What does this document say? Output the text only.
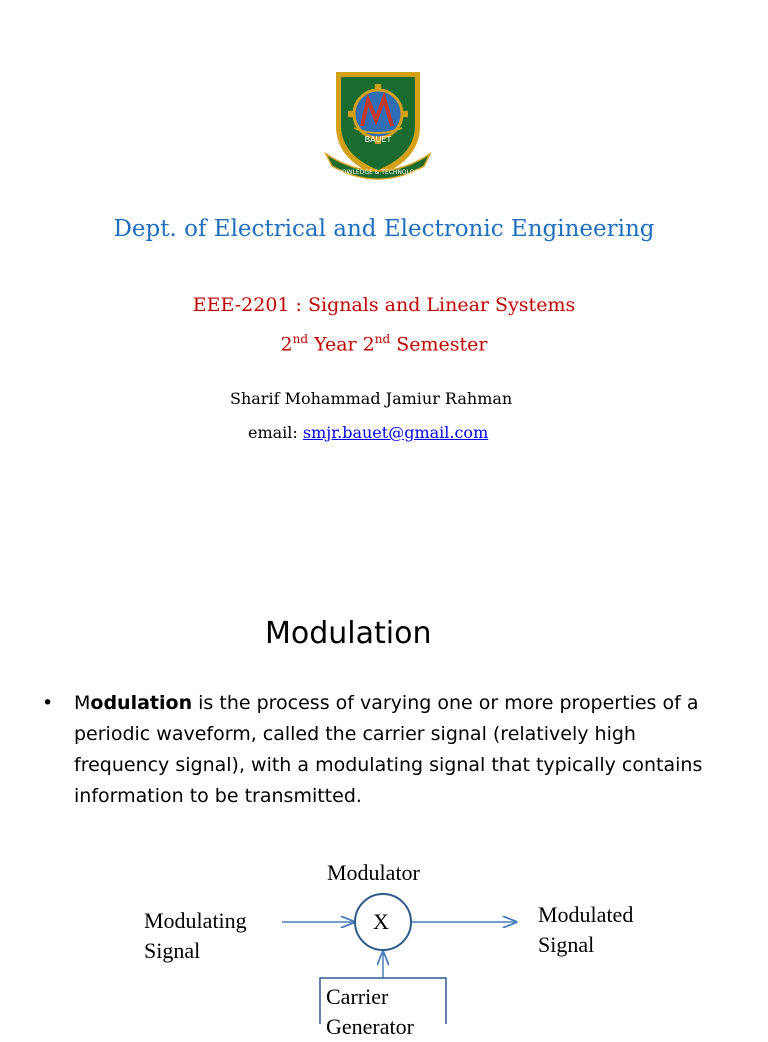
BAUET
KNOWLEDGE & TECHNOLOGY
Dept. of Electrical and Electronic Engineering
EEE-2201 : Signals and Linear Systems
2nd Year 2nd Semester
Sharif Mohammad Jamiur Rahman
email: smjr.bauet@gmail.com
Modulation
• Modulation is the process of varying one or more properties of a periodic waveform, called the carrier signal (relatively high frequency signal), with a modulating signal that typically contains information to be transmitted.
Modulator
Modulating
Signal
Modulated
Signal
X
Carrier
Generator
